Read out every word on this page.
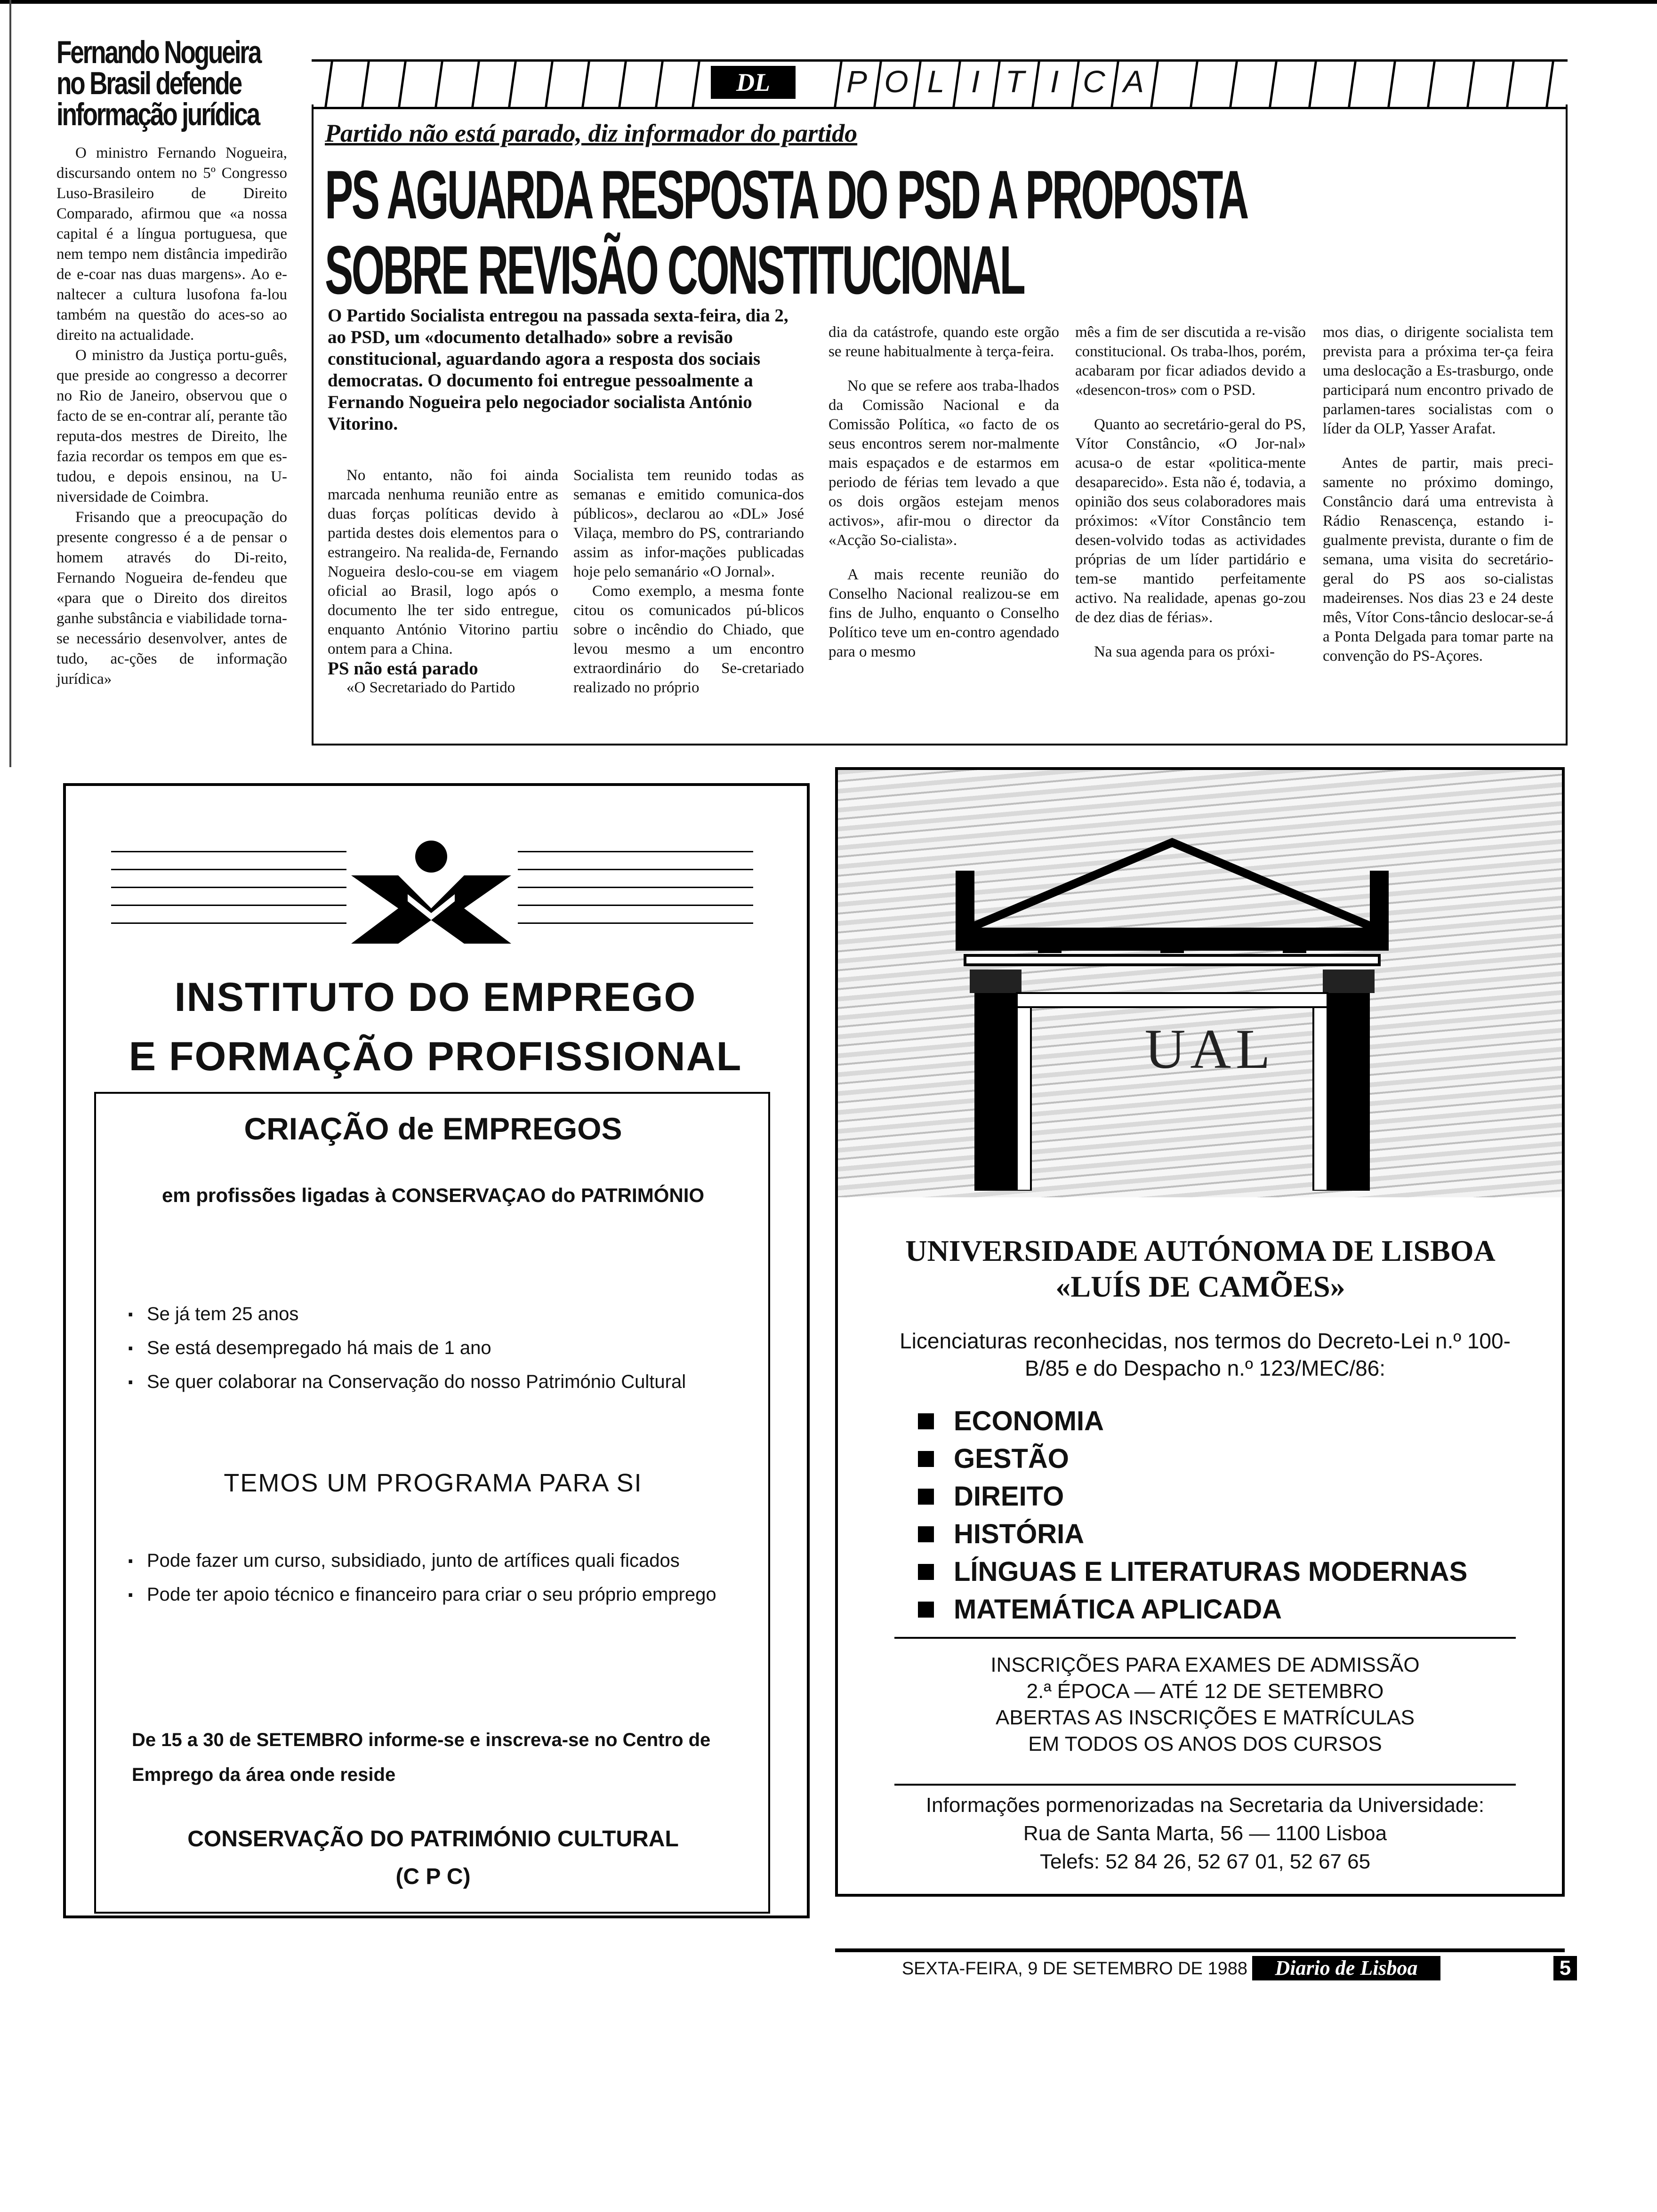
Fernando Nogueira no Brasil defende informação jurídica

O ministro Fernando Nogueira, discursando ontem no 5º Congresso Luso-Brasileiro de Direito Comparado, afirmou que «a nossa capital é a língua portuguesa, que nem tempo nem distância impedirão de e-coar nas duas margens». Ao e-naltecer a cultura lusofona fa-lou também na questão do aces-so ao direito na actualidade.

O ministro da Justiça portu-guês, que preside ao congresso a decorrer no Rio de Janeiro, observou que o facto de se en-contrar alí, perante tão reputa-dos mestres de Direito, lhe fazia recordar os tempos em que es-tudou, e depois ensinou, na U-niversidade de Coimbra.

Frisando que a preocupação do presente congresso é a de pensar o homem através do Di-reito, Fernando Nogueira de-fendeu que «para que o Direito dos direitos ganhe substância e viabilidade torna-se necessário desenvolver, antes de tudo, ac-ções de informação jurídica»

DL	P O L I T I C A
Partido não está parado, diz informador do partido
PS AGUARDA RESPOSTA DO PSD A PROPOSTA
SOBRE REVISÃO CONSTITUCIONAL
O Partido Socialista entregou na passada sexta-feira, dia 2, ao PSD, um «documento detalhado» sobre a revisão constitucional, aguardando agora a resposta dos sociais democratas. O documento foi entregue pessoalmente a Fernando Nogueira pelo negociador socialista António Vitorino.

No entanto, não foi ainda marcada nenhuma reunião entre as duas forças políticas devido à partida destes dois elementos para o estrangeiro. Na realida-de, Fernando Nogueira deslo-cou-se em viagem oficial ao Brasil, logo após o documento lhe ter sido entregue, enquanto António Vitorino partiu ontem para a China.

PS não está parado

«O Secretariado do Partido

Socialista tem reunido todas as semanas e emitido comunica-dos públicos», declarou ao «DL» José Vilaça, membro do PS, contrariando assim as infor-mações publicadas hoje pelo semanário «O Jornal».

Como exemplo, a mesma fonte citou os comunicados pú-blicos sobre o incêndio do Chiado, que levou mesmo a um encontro extraordinário do Se-cretariado realizado no próprio

dia da catástrofe, quando este orgão se reune habitualmente à terça-feira.

No que se refere aos traba-lhados da Comissão Nacional e da Comissão Política, «o facto de os seus encontros serem nor-malmente mais espaçados e de estarmos em periodo de férias tem levado a que os dois orgãos estejam menos activos», afir-mou o director da «Acção So-cialista».

A mais recente reunião do Conselho Nacional realizou-se em fins de Julho, enquanto o Conselho Político teve um en-contro agendado para o mesmo

mês a fim de ser discutida a re-visão constitucional. Os traba-lhos, porém, acabaram por ficar adiados devido a «desencon-tros» com o PSD.

Quanto ao secretário-geral do PS, Vítor Constâncio, «O Jor-nal» acusa-o de estar «politica-mente desaparecido». Esta não é, todavia, a opinião dos seus colaboradores mais próximos: «Vítor Constâncio tem desen-volvido todas as actividades próprias de um líder partidário e tem-se mantido perfeitamente activo. Na realidade, apenas go-zou de dez dias de férias».

Na sua agenda para os próxi-

mos dias, o dirigente socialista tem prevista para a próxima ter-ça feira uma deslocação a Es-trasburgo, onde participará num encontro privado de parlamen-tares socialistas com o líder da OLP, Yasser Arafat.

Antes de partir, mais preci-samente no próximo domingo, Constâncio dará uma entrevista à Rádio Renascença, estando i-gualmente prevista, durante o fim de semana, uma visita do secretário-geral do PS aos so-cialistas madeirenses. Nos dias 23 e 24 deste mês, Vítor Cons-tâncio deslocar-se-á a Ponta Delgada para tomar parte na convenção do PS-Açores.

INSTITUTO DO EMPREGO
E FORMAÇÃO PROFISSIONAL
CRIAÇÃO de EMPREGOS
em profissões ligadas à CONSERVAÇAO do PATRIMÓNIO
. Se já tem 25 anos
. Se está desempregado há mais de 1 ano
. Se quer colaborar na Conservação do nosso Património Cultural
TEMOS UM PROGRAMA PARA SI
. Pode fazer um curso, subsidiado, junto de artífices quali ficados
. Pode ter apoio técnico e financeiro para criar o seu próprio emprego
De 15 a 30 de SETEMBRO informe-se e inscreva-se no Centro de Emprego da área onde reside
CONSERVAÇÃO DO PATRIMÓNIO CULTURAL
(C P C)
UAL
UNIVERSIDADE AUTÓNOMA DE LISBOA
«LUÍS DE CAMÕES»
Licenciaturas reconhecidas, nos termos do Decreto-Lei n.º 100-B/85 e do Despacho n.º 123/MEC/86:
ECONOMIA
GESTÃO
DIREITO
HISTÓRIA
LÍNGUAS E LITERATURAS MODERNAS
MATEMÁTICA APLICADA
INSCRIÇÕES PARA EXAMES DE ADMISSÃO
2.ª ÉPOCA — ATÉ 12 DE SETEMBRO
ABERTAS AS INSCRIÇÕES E MATRÍCULAS
EM TODOS OS ANOS DOS CURSOS
Informações pormenorizadas na Secretaria da Universidade:
Rua de Santa Marta, 56 — 1100 Lisboa
Telefs: 52 84 26, 52 67 01, 52 67 65
SEXTA-FEIRA, 9 DE SETEMBRO DE 1988	Diario de Lisboa	5
